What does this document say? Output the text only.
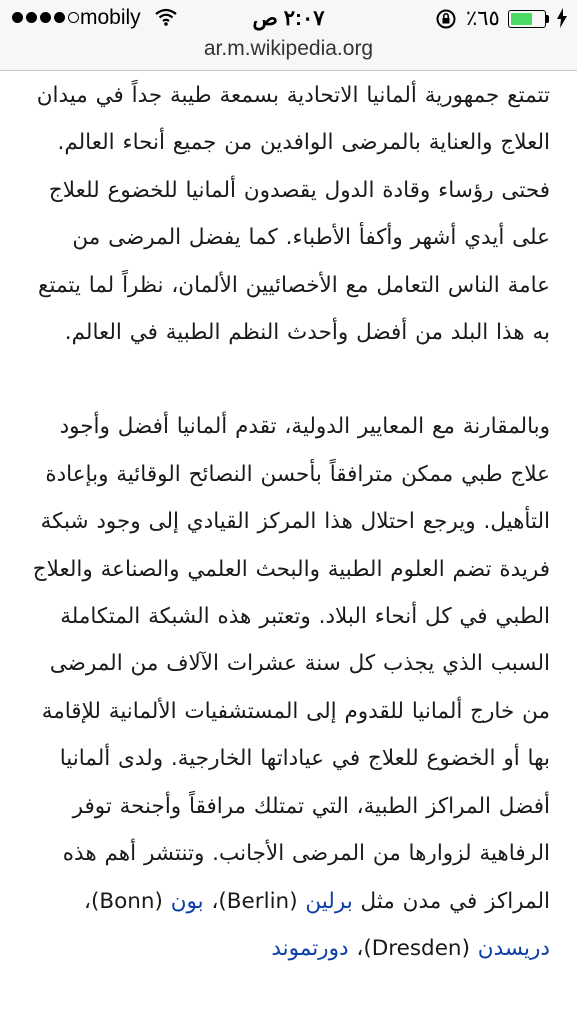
mobily	٢:٠٧ ص	٪٦٥
ar.m.wikipedia.org

تتمتع جمهورية ألمانيا الاتحادية بسمعة طيبة جداً في ميدان العلاج والعناية بالمرضى الوافدين من جميع أنحاء العالم. فحتى رؤساء وقادة الدول يقصدون ألمانيا للخضوع للعلاج على أيدي أشهر وأكفأ الأطباء. كما يفضل المرضى من عامة الناس التعامل مع الأخصائيين الألمان، نظراً لما يتمتع به هذا البلد من أفضل وأحدث النظم الطبية في العالم.

وبالمقارنة مع المعايير الدولية، تقدم ألمانيا أفضل وأجود علاج طبي ممكن مترافقاً بأحسن النصائح الوقائية وبإعادة التأهيل. ويرجع احتلال هذا المركز القيادي إلى وجود شبكة فريدة تضم العلوم الطبية والبحث العلمي والصناعة والعلاج الطبي في كل أنحاء البلاد. وتعتبر هذه الشبكة المتكاملة السبب الذي يجذب كل سنة عشرات الآلاف من المرضى من خارج ألمانيا للقدوم إلى المستشفيات الألمانية للإقامة بها أو الخضوع للعلاج في عياداتها الخارجية. ولدى ألمانيا أفضل المراكز الطبية، التي تمتلك مرافقاً وأجنحة توفر الرفاهية لزوارها من المرضى الأجانب. وتنتشر أهم هذه المراكز في مدن مثل برلين (Berlin)، بون (Bonn)، دريسدن (Dresden)، دورتموند
